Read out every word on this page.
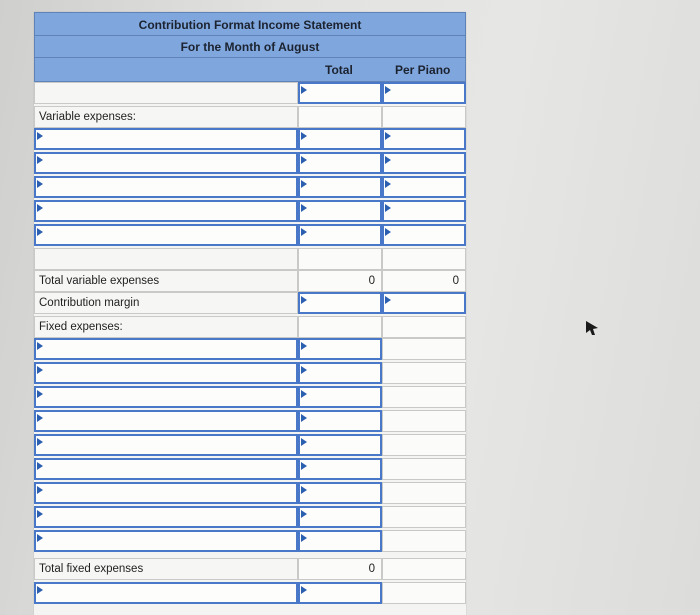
Contribution Format Income Statement
For the Month of August
Total	Per Piano
Variable expenses:
Total variable expenses	0	0
Contribution margin
Fixed expenses:
Total fixed expenses	0
